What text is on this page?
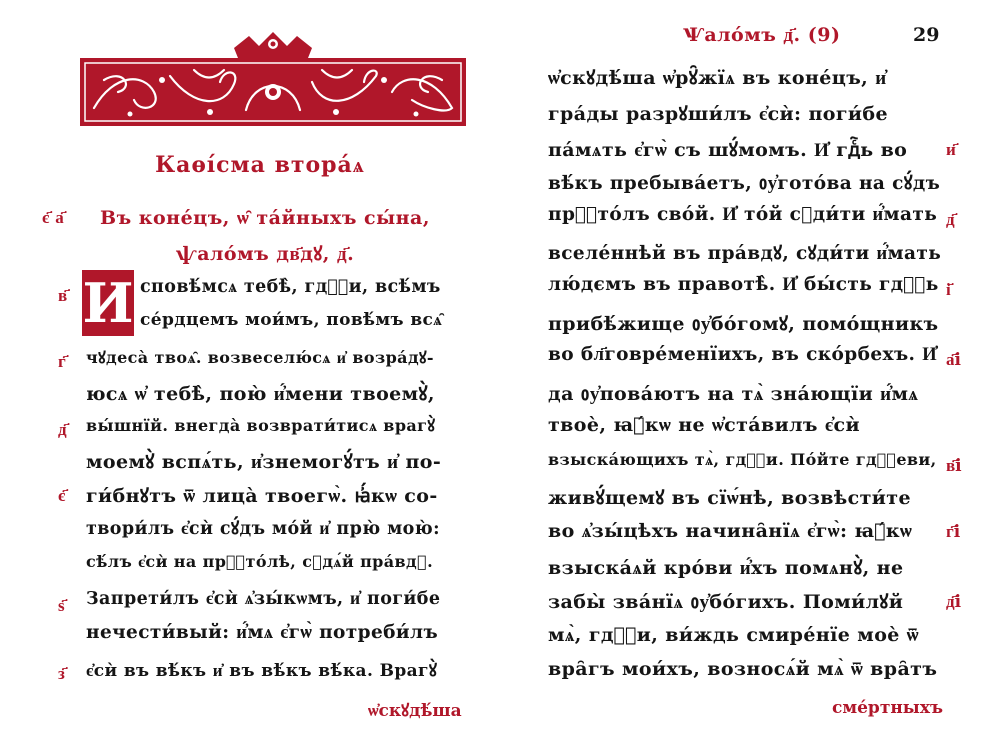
Каѳі́сма втора́ѧ
є҃ а҃	Въ коне́цъ, ѡ̑ та́йныхъ сы́на,
ѱало́мъ дв҃дꙋ, д҃.
И
в҃
г҃
д҃
є҃
ѕ҃
з҃
сповѣ́мсѧ тебѣ̀, гдⷭ҇и, всѣ́мъ
се́рдцемъ мои́мъ, повѣ́мъ всѧ̑
чꙋдеса̀ твоѧ̑. возвеселю́сѧ и҆ возра́дꙋ-
юсѧ ѡ҆ тебѣ̀, пою̀ и҆́мени твоемꙋ̀,
вы́шнїй. внегда̀ возврати́тисѧ врагꙋ̀
моемꙋ̀ вспѧ́ть, и҆знемогꙋ́тъ и҆ по-
ги́бнꙋтъ ѿ лица̀ твоегѡ̀. ꙗ҆́кѡ со-
твори́лъ є҆сѝ сꙋ́дъ мо́й и҆ прю̀ мою̀:
сѣ́лъ є҆сѝ на прⷭ҇то́лѣ, сꙋдѧ́й пра́вдꙋ.
Запрети́лъ є҆сѝ ѧ҆зы́кѡмъ, и҆ поги́бе
нечести́вый: и҆́мѧ є҆гѡ̀ потреби́лъ
є҆сѝ въ вѣ́къ и҆ въ вѣ́къ вѣ́ка. Врагꙋ̀
ѡ҆скꙋдѣ́ша
Ѱало́мъ д҃. (9)	29
ѡ҆скꙋдѣ́ша ѡ҆рꙋ̑жїѧ въ коне́цъ, и҆
гра́ды разрꙋши́лъ є҆сѝ: поги́бе
па́мѧть є҆гѡ̀ съ шꙋ́момъ. И҆ гдⷭ҇ь во
вѣ́къ пребыва́етъ, ᲂу҆гото́ва на сꙋ́дъ
прⷭ҇то́лъ сво́й. И҆ то́й сꙋди́ти и҆́мать
вселе́ннѣй въ пра́вдꙋ, сꙋди́ти и҆́мать
лю́дємъ въ правотѣ̀. И҆ бы́сть гдⷭ҇ь
прибѣ́жище ᲂу҆бо́гомꙋ, помо́щникъ
во бл҃говре́менїихъ, въ ско́рбехъ. И҆
да ᲂу҆пова́ютъ на тѧ̀ зна́ющїи и҆́мѧ
твоѐ, ꙗ҆́кѡ не ѡ҆ста́вилъ є҆сѝ
взыска́ющихъ тѧ̀, гдⷭ҇и. По́йте гдⷭ҇еви,
живꙋ́щемꙋ въ сїѡ́нѣ, возвѣсти́те
во ѧ҆зы́цѣхъ начина̑нїѧ є҆гѡ̀: ꙗ҆́кѡ
взыска́ѧй кро́ви и҆́хъ помѧнꙋ̀, не
забы̀ зва́нїѧ ᲂу҆бо́гихъ. Поми́лꙋй
мѧ̀, гдⷭ҇и, ви́ждь смире́нїе моѐ ѿ
вра̑гъ мои́хъ, возносѧ́й мѧ̀ ѿ вра̑тъ
и҃
д҃
і҃
а҃і
в҃і
г҃і
д҃і
сме́ртныхъ
